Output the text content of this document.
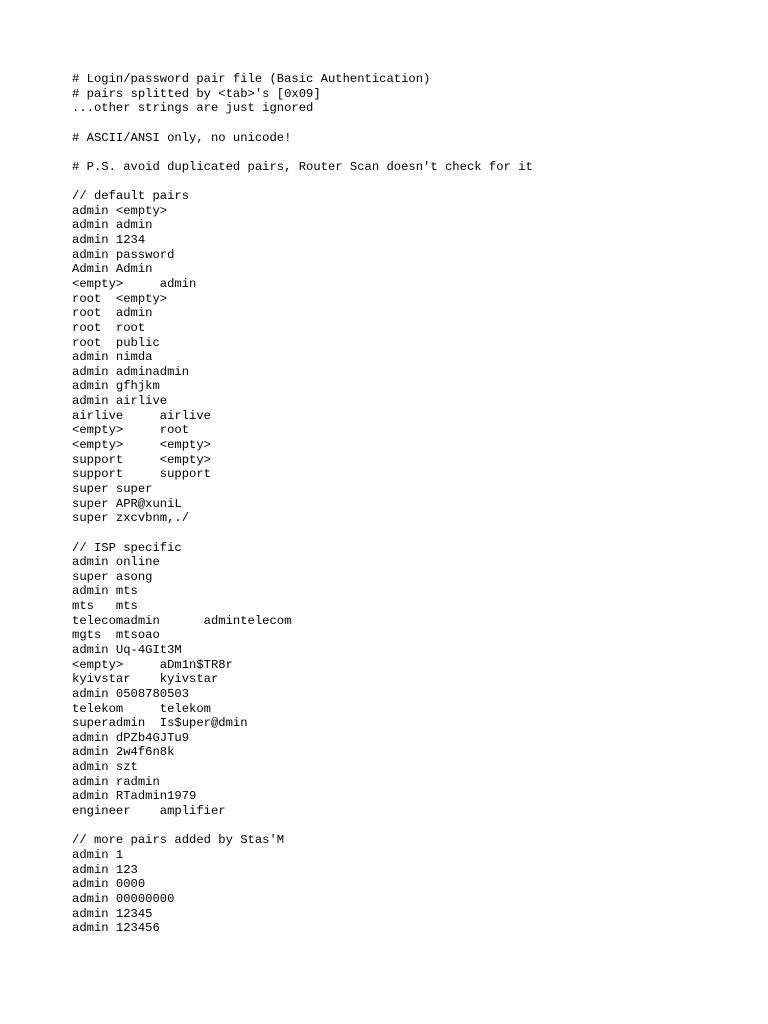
# Login/password pair file (Basic Authentication)
# pairs splitted by <tab>'s [0x09]
...other strings are just ignored
# ASCII/ANSI only, no unicode!
# P.S. avoid duplicated pairs, Router Scan doesn't check for it
// default pairs
admin <empty>
admin admin
admin 1234
admin password
Admin Admin
<empty>     admin
root  <empty>
root  admin
root  root
root  public
admin nimda
admin adminadmin
admin gfhjkm
admin airlive
airlive     airlive
<empty>     root
<empty>     <empty>
support     <empty>
support     support
super super
super APR@xuniL
super zxcvbnm,./
// ISP specific
admin online
super asong
admin mts
mts   mts
telecomadmin      admintelecom
mgts  mtsoao
admin Uq-4GIt3M
<empty>     aDm1n$TR8r
kyivstar    kyivstar
admin 0508780503
telekom     telekom
superadmin  Is$uper@dmin
admin dPZb4GJTu9
admin 2w4f6n8k
admin szt
admin radmin
admin RTadmin1979
engineer    amplifier
// more pairs added by Stas'M
admin 1
admin 123
admin 0000
admin 00000000
admin 12345
admin 123456
